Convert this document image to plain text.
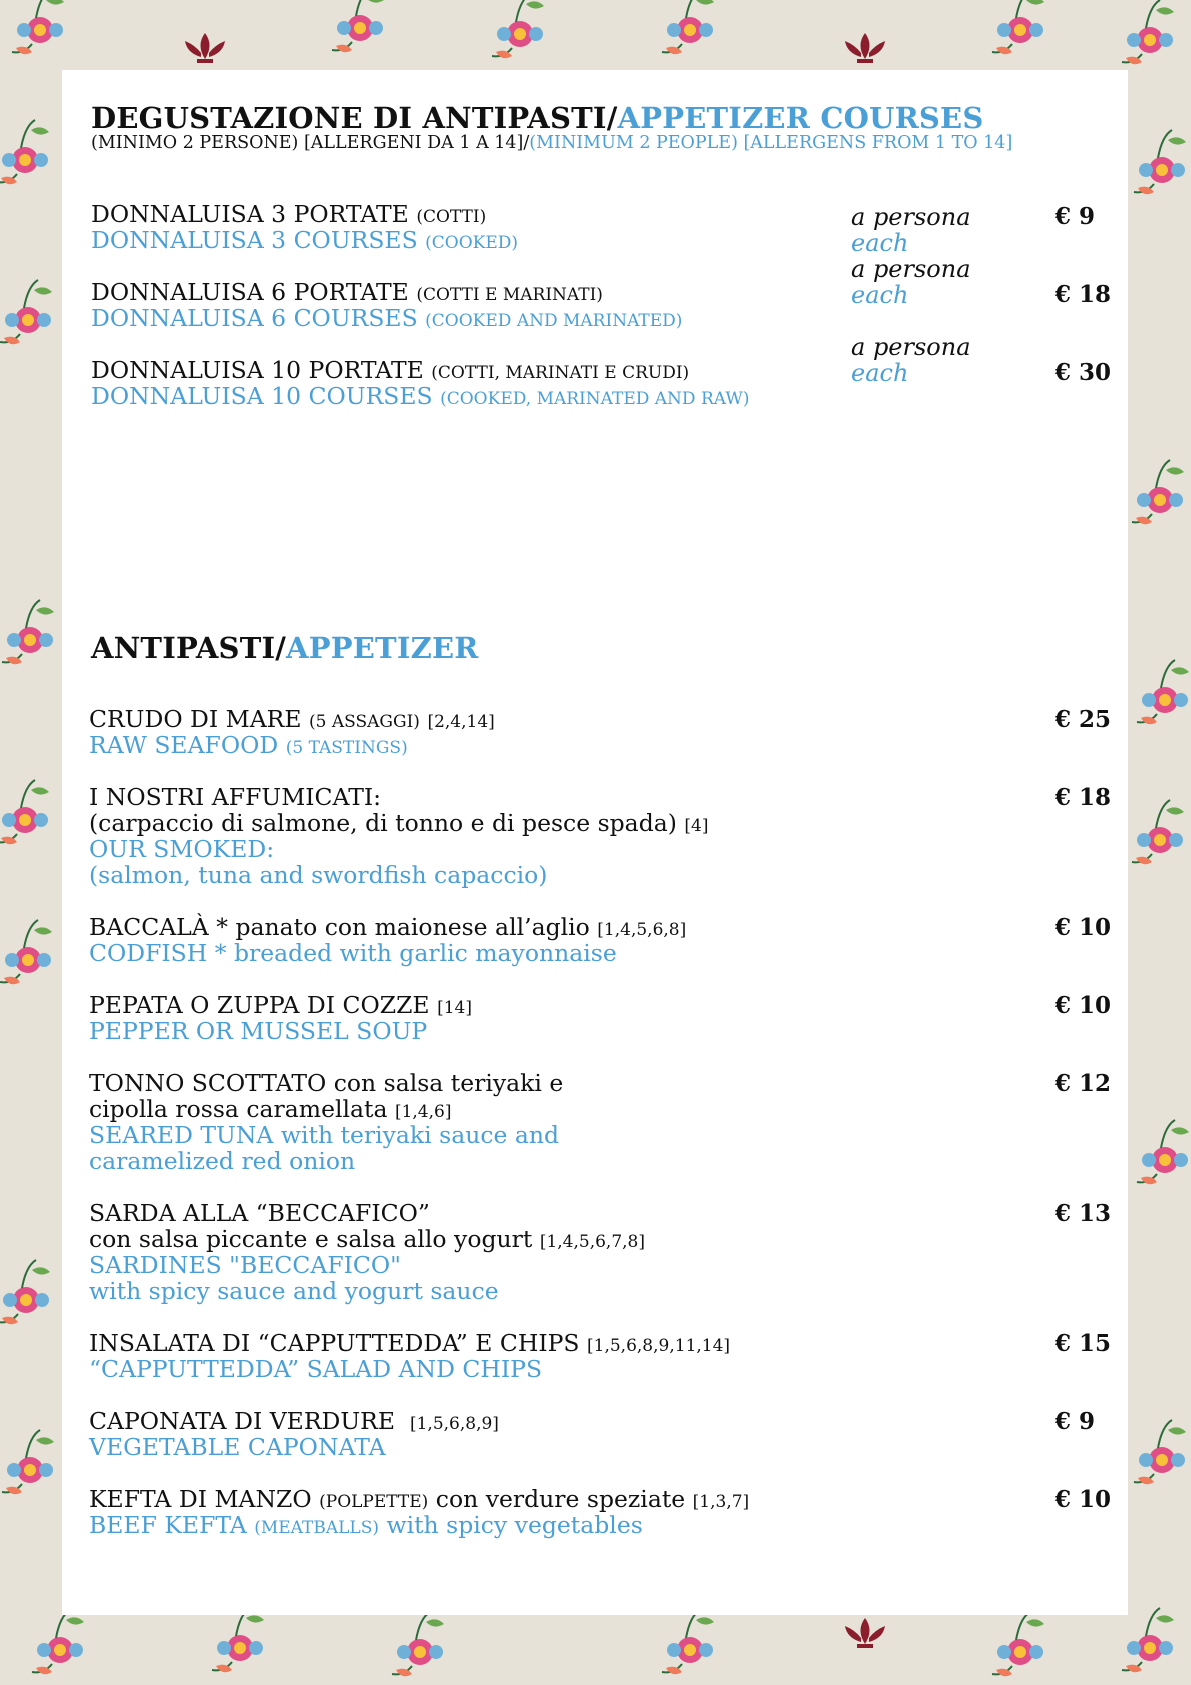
DEGUSTAZIONE DI ANTIPASTI/APPETIZER COURSES
(MINIMO 2 PERSONE) [ALLERGENI DA 1 A 14]/(MINIMUM 2 PEOPLE) [ALLERGENS FROM 1 TO 14]
DONNALUISA 3 PORTATE (COTTI)
DONNALUISA 3 COURSES (COOKED)
a persona
each
€ 9
DONNALUISA 6 PORTATE (COTTI E MARINATI)
DONNALUISA 6 COURSES (COOKED AND MARINATED)
a persona
each	€ 18
DONNALUISA 10 PORTATE (COTTI, MARINATI E CRUDI)
DONNALUISA 10 COURSES (COOKED, MARINATED AND RAW)
a persona
each	€ 30
ANTIPASTI/APPETIZER
CRUDO DI MARE (5 ASSAGGI) [2,4,14]
RAW SEAFOOD (5 TASTINGS)
€ 25
I NOSTRI AFFUMICATI:
(carpaccio di salmone, di tonno e di pesce spada) [4]
OUR SMOKED:
(salmon, tuna and swordfish capaccio)
€ 18
BACCALÀ * panato con maionese all’aglio [1,4,5,6,8]
CODFISH * breaded with garlic mayonnaise
€ 10
PEPATA O ZUPPA DI COZZE [14]
PEPPER OR MUSSEL SOUP
€ 10
TONNO SCOTTATO con salsa teriyaki e
cipolla rossa caramellata [1,4,6]
SEARED TUNA with teriyaki sauce and
caramelized red onion
€ 12
SARDA ALLA “BECCAFICO”
con salsa piccante e salsa allo yogurt [1,4,5,6,7,8]
SARDINES "BECCAFICO"
with spicy sauce and yogurt sauce
€ 13
INSALATA DI “CAPPUTTEDDA” E CHIPS [1,5,6,8,9,11,14]
“CAPPUTTEDDA” SALAD AND CHIPS
€ 15
CAPONATA DI VERDURE [1,5,6,8,9]
VEGETABLE CAPONATA
€ 9
KEFTA DI MANZO (POLPETTE) con verdure speziate [1,3,7]
BEEF KEFTA (MEATBALLS) with spicy vegetables
€ 10
